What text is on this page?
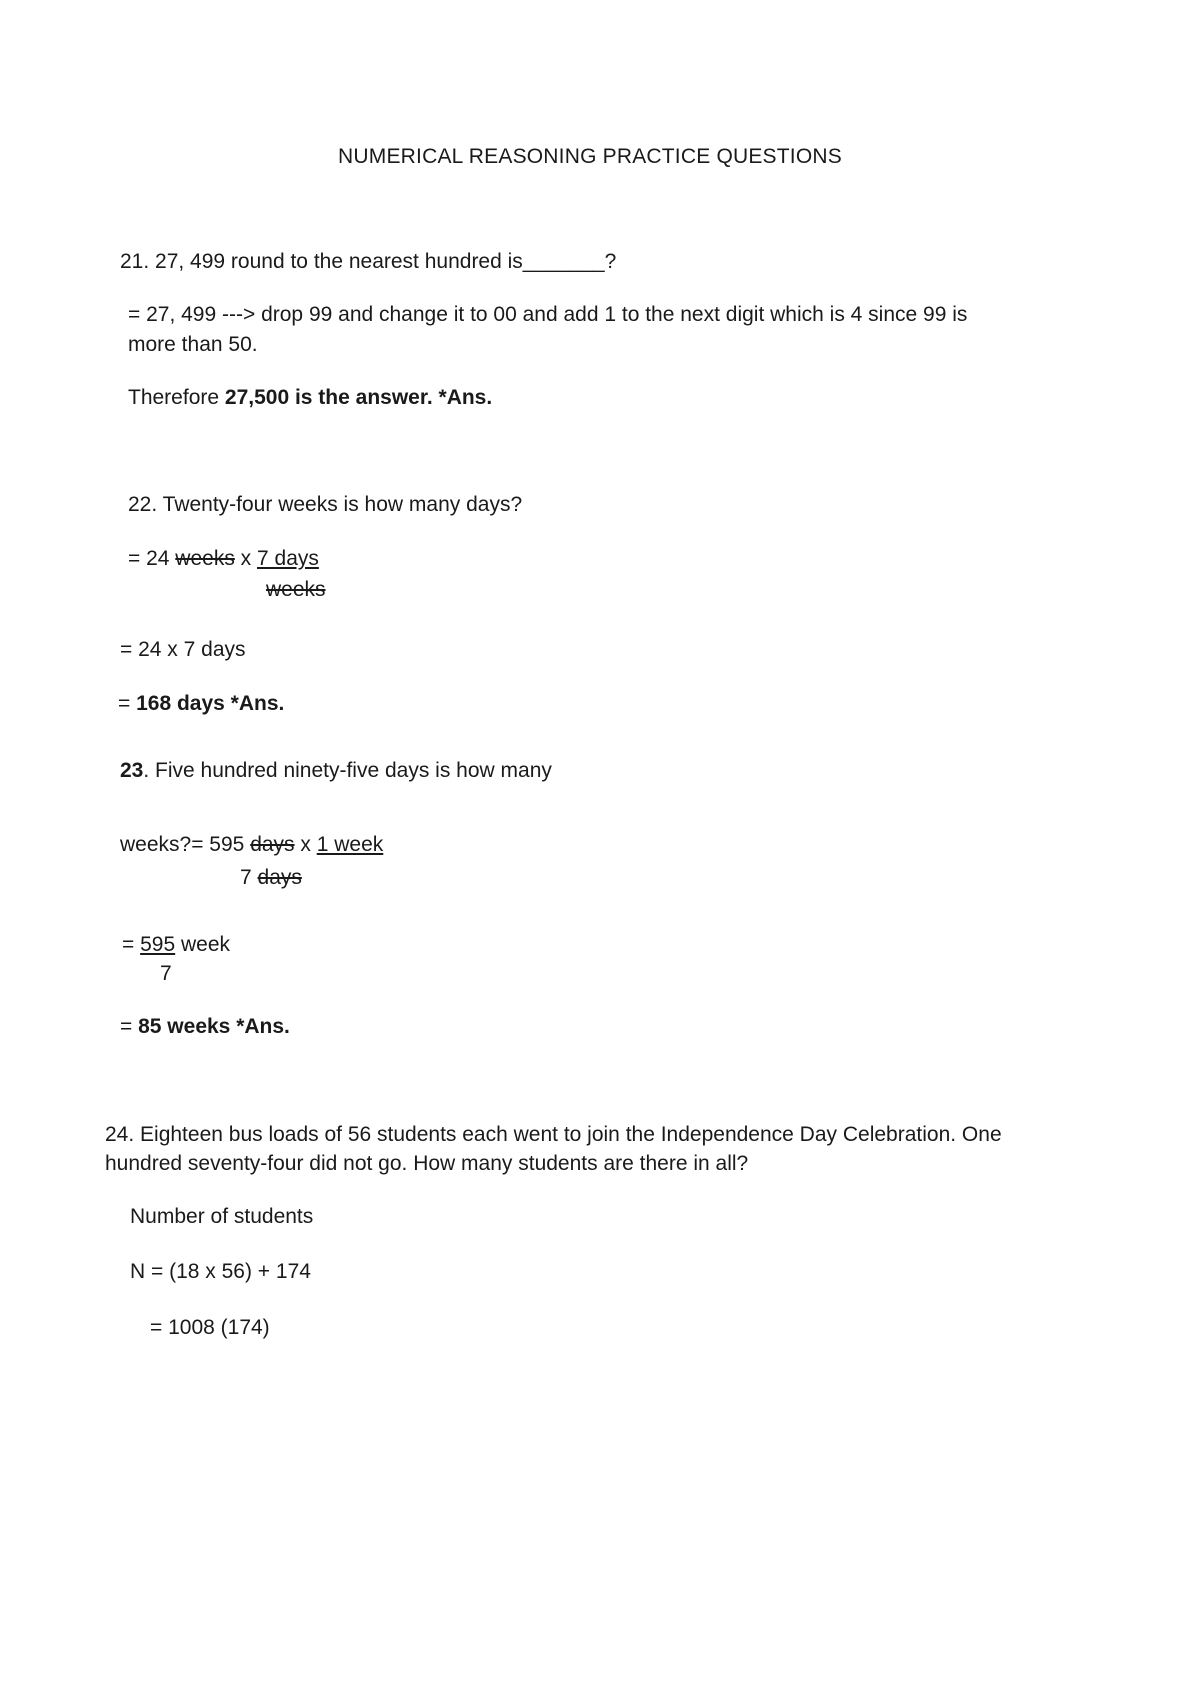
NUMERICAL REASONING PRACTICE QUESTIONS
21. 27, 499 round to the nearest hundred is_______?
= 27, 499 ---> drop 99 and change it to 00 and add 1 to the next digit which is 4 since 99 is
more than 50.
Therefore 27,500 is the answer. *Ans.
22. Twenty-four weeks is how many days?
= 24 weeks x 7 days
weeks
= 24 x 7 days
= 168 days *Ans.
23. Five hundred ninety-five days is how many
weeks?= 595 days x 1 week
7 days
= 595 week
7
= 85 weeks *Ans.
24. Eighteen bus loads of 56 students each went to join the Independence Day Celebration. One
hundred seventy-four did not go. How many students are there in all?
Number of students
N = (18 x 56) + 174
= 1008 (174)
